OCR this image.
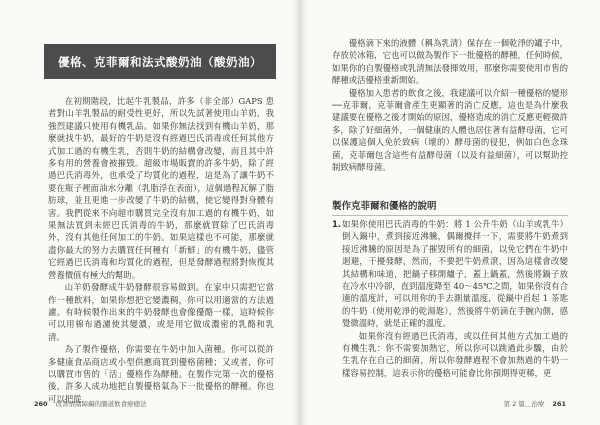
優格、克菲爾和法式酸奶油（酸奶油）

在初期階段，比起牛乳製品，許多（非全部）GAPS 患者對山羊乳製品的耐受性更好，所以先試著使用山羊奶，我強烈建議只使用有機乳品。如果你無法找到有機山羊奶，那麼就找牛奶，最好的牛奶是沒有經過巴氏消毒或任何其他方式加工過的有機生乳，否則牛奶的結構會改變，而且其中許多有用的營養會被摧毀。超級市場販賣的許多牛奶，除了經過巴氏消毒外，也承受了均質化的過程，這是為了讓牛奶不要在瓶子裡面油水分離（乳脂浮在表面），這個過程瓦解了脂肪球，並且更進一步改變了牛奶的結構，使它變得對身體有害。我們從來不向超市購買完全沒有加工過的有機牛奶，如果無法買到未經巴氏消毒的牛奶，那麼就買除了巴氏消毒外，沒有其他任何加工的牛奶。如果這樣也不可能，那麼就盡你最大的努力去購買任何種有「新鮮」的有機牛奶，儘管它經過巴氏消毒和均質化的過程，但是發酵過程將對恢復其營養價值有極大的幫助。

山羊奶發酵成牛奶發酵很容易做到。在家中只需把它當作一種飲料，如果你想把它變濃稠，你可以用適當的方法過濾。有時候製作出來的牛奶發酵也會像優酪一樣，這時候你可以用棉布過濾使其變濃，或是用它做成濃密的乳酪和乳清。

為了製作優格，你需要在牛奶中加入菌種。你可以從許多健康食品商店或小型供應商買到優格菌種；又或者，你可以購買市售的「活」優格作為酵種。在製作完第一次的優格後，許多人成功地把自製優格氣為下一批優格的酵種。你也可以把從

260 改善情緒障礙的腸道飲食療癒法

優格滴下來的液體（稱為乳清）保存在一個乾淨的罐子中，存放於冰箱，它也可以做為製作下一批優格的酵種，任何時候，如果你的自製優格或乳清無法發揮效用，那麼你需要使用市售的酵種或活優格重新開始。

優格加入患者的飲食之後，我建議可以介紹一種優格的變形──克菲爾，克菲爾會產生更顯著的消亡反應，這也是為什麼我建議要在優格之後才開始的原因，優格造成的消亡反應更輕微許多，除了好細菌外，一個健康的人體也居住著有益酵母菌，它可以保護這個人免於致病（壞的）酵母菌的侵犯，例如白色念珠菌，克菲爾包含這些有益酵母菌（以及有益細菌），可以幫助控制致病酵母菌。

製作克菲爾和優格的說明
1. 如果你使用巴氏消毒的牛奶：將 1 公升牛奶（山羊或乳牛）倒入鍋中，煮到接近沸騰，偶爾攪拌一下，需要將牛奶煮到接近沸騰的原因是為了摧毀所有的細菌，以免它們在牛奶中迴避，干擾發酵，然而，不要把牛奶煮滾，因為這樣會改變其結構和味道，把鍋子移開爐子，蓋上鍋蓋，然後將鍋子放在冷水中冷卻，直到溫度降至 40～45℃之間，如果你沒有合適的溫度計，可以用你的手去測量溫度，從鍋中舀起 1 茶匙的牛奶（使用乾淨的乾湯匙），然後將牛奶滴在手腕內側，感覺微溫時，就是正確的溫度。

如果你沒有經過巴氏消毒，或以任何其他方式加工過的有機生乳：你不需要加熱它，所以你可以跳過此步驟，由於生乳存在自己的細菌，所以你發酵過程不會加熱過的牛奶一樣容易控制，這表示你的優格可能會比你預期得更稀，更

第 2 篇＿治療 261
